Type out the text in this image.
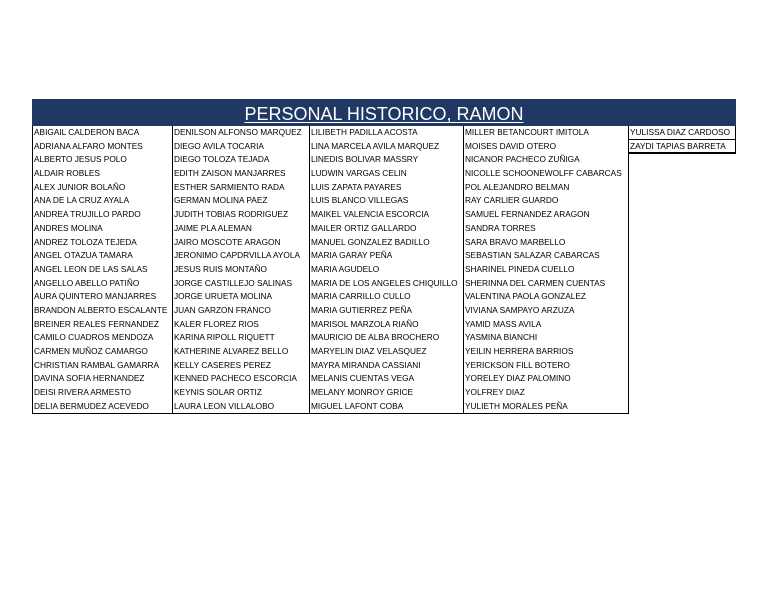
PERSONAL HISTORICO, RAMON
ABIGAIL CALDERON BACA
ADRIANA ALFARO MONTES
ALBERTO JESUS POLO
ALDAIR ROBLES
ALEX JUNIOR BOLAÑO
ANA DE LA CRUZ AYALA
ANDREA TRUJILLO PARDO
ANDRES MOLINA
ANDREZ TOLOZA TEJEDA
ANGEL OTAZUA TAMARA
ANGEL LEON DE LAS SALAS
ANGELLO ABELLO PATIÑO
AURA QUINTERO MANJARRES
BRANDON ALBERTO ESCALANTE
BREINER REALES FERNANDEZ
CAMILO CUADROS MENDOZA
CARMEN MUÑOZ CAMARGO
CHRISTIAN RAMBAL GAMARRA
DAVINA SOFIA HERNANDEZ
DEISI RIVERA ARMESTO
DELIA BERMUDEZ ACEVEDO
DENILSON ALFONSO MARQUEZ
DIEGO AVILA TOCARIA
DIEGO TOLOZA TEJADA
EDITH ZAISON MANJARRES
ESTHER SARMIENTO RADA
GERMAN MOLINA PAEZ
JUDITH TOBIAS RODRIGUEZ
JAIME PLA ALEMAN
JAIRO MOSCOTE ARAGON
JERONIMO CAPDRVILLA AYOLA
JESUS RUIS MONTAÑO
JORGE CASTILLEJO SALINAS
JORGE URUETA MOLINA
JUAN GARZON FRANCO
KALER FLOREZ RIOS
KARINA RIPOLL RIQUETT
KATHERINE ALVAREZ BELLO
KELLY CASERES PEREZ
KENNED PACHECO ESCORCIA
KEYNIS SOLAR ORTIZ
LAURA LEON VILLALOBO
LILIBETH PADILLA ACOSTA
LINA MARCELA AVILA MARQUEZ
LINEDIS BOLIVAR MASSRY
LUDWIN VARGAS CELIN
LUIS ZAPATA PAYARES
LUIS BLANCO VILLEGAS
MAIKEL VALENCIA ESCORCIA
MAILER ORTIZ GALLARDO
MANUEL GONZALEZ BADILLO
MARIA GARAY PEÑA
MARIA AGUDELO
MARIA DE LOS ANGELES CHIQUILLO
MARIA CARRILLO CULLO
MARIA GUTIERREZ PEÑA
MARISOL MARZOLA RIAÑO
MAURICIO DE ALBA BROCHERO
MARYELIN DIAZ VELASQUEZ
MAYRA MIRANDA CASSIANI
MELANIS CUENTAS VEGA
MELANY MONROY GRICE
MIGUEL LAFONT COBA
MILLER BETANCOURT IMITOLA
MOISES DAVID OTERO
NICANOR PACHECO ZUÑIGA
NICOLLE SCHOONEWOLFF CABARCAS
POL ALEJANDRO BELMAN
RAY CARLIER GUARDO
SAMUEL FERNANDEZ ARAGON
SANDRA TORRES
SARA BRAVO MARBELLO
SEBASTIAN SALAZAR CABARCAS
SHARINEL PINEDA CUELLO
SHERINNA DEL CARMEN CUENTAS
VALENTINA PAOLA GONZALEZ
VIVIANA SAMPAYO ARZUZA
YAMID MASS AVILA
YASMINA BIANCHI
YEILIN HERRERA BARRIOS
YERICKSON FILL BOTERO
YORELEY DIAZ PALOMINO
YOLFREY DIAZ
YULIETH MORALES PEÑA
YULISSA DIAZ CARDOSO
ZAYDI TAPIAS BARRETA
